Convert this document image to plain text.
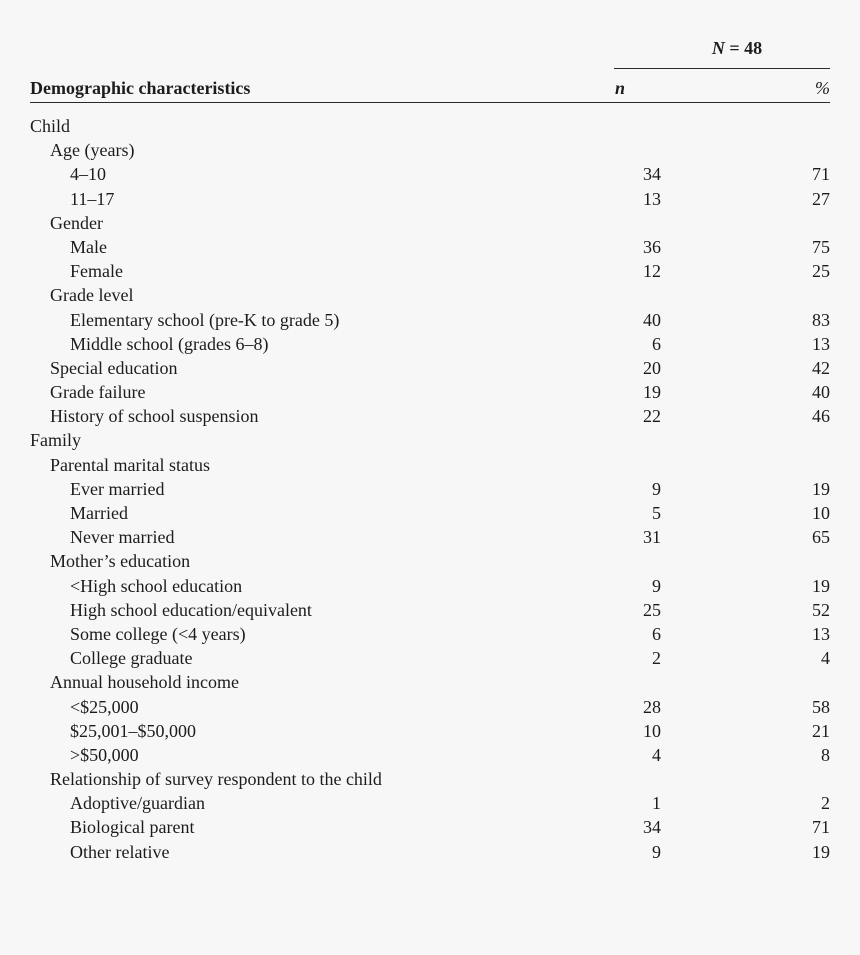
N = 48
Demographic characteristics	n	%
Child
Age (years)
4–10	34	71
11–17	13	27
Gender
Male	36	75
Female	12	25
Grade level
Elementary school (pre-K to grade 5)	40	83
Middle school (grades 6–8)	6	13
Special education	20	42
Grade failure	19	40
History of school suspension	22	46
Family
Parental marital status
Ever married	9	19
Married	5	10
Never married	31	65
Mother’s education
<High school education	9	19
High school education/equivalent	25	52
Some college (<4 years)	6	13
College graduate	2	4
Annual household income
<$25,000	28	58
$25,001–$50,000	10	21
>$50,000	4	8
Relationship of survey respondent to the child
Adoptive/guardian	1	2
Biological parent	34	71
Other relative	9	19
